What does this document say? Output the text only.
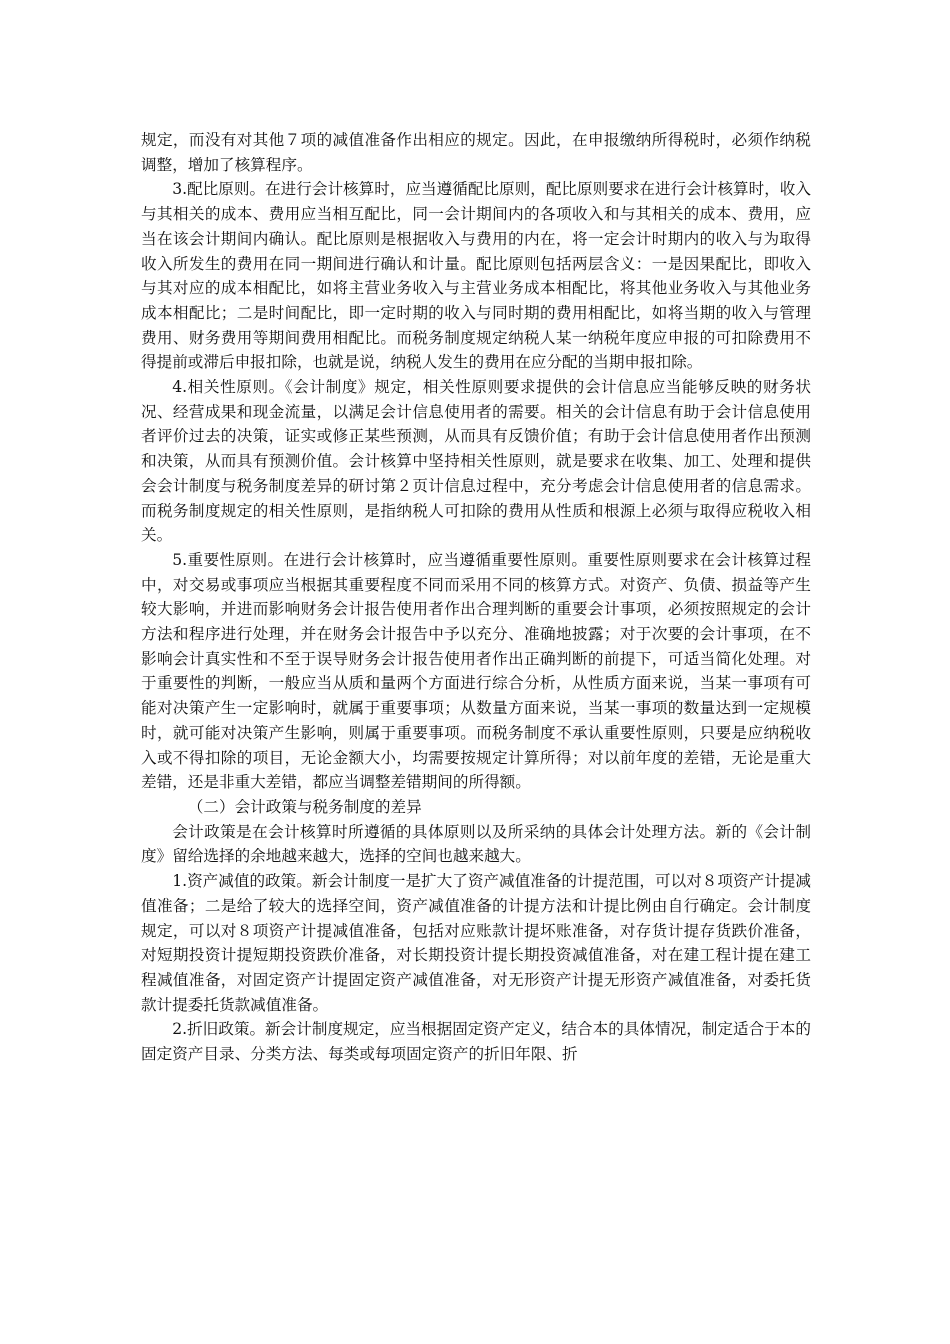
规定，而没有对其他７项的减值准备作出相应的规定。因此，在申报缴纳所得税时，必须作纳税调整，增加了核算程序。

3.配比原则。在进行会计核算时，应当遵循配比原则，配比原则要求在进行会计核算时，收入与其相关的成本、费用应当相互配比，同一会计期间内的各项收入和与其相关的成本、费用，应当在该会计期间内确认。配比原则是根据收入与费用的内在，将一定会计时期内的收入与为取得收入所发生的费用在同一期间进行确认和计量。配比原则包括两层含义：一是因果配比，即收入与其对应的成本相配比，如将主营业务收入与主营业务成本相配比，将其他业务收入与其他业务成本相配比；二是时间配比，即一定时期的收入与同时期的费用相配比，如将当期的收入与管理费用、财务费用等期间费用相配比。而税务制度规定纳税人某一纳税年度应申报的可扣除费用不得提前或滞后申报扣除，也就是说，纳税人发生的费用在应分配的当期申报扣除。

4.相关性原则。《会计制度》规定，相关性原则要求提供的会计信息应当能够反映的财务状况、经营成果和现金流量，以满足会计信息使用者的需要。相关的会计信息有助于会计信息使用者评价过去的决策，证实或修正某些预测，从而具有反馈价值；有助于会计信息使用者作出预测和决策，从而具有预测价值。会计核算中坚持相关性原则，就是要求在收集、加工、处理和提供会会计制度与税务制度差异的研讨第２页计信息过程中，充分考虑会计信息使用者的信息需求。而税务制度规定的相关性原则，是指纳税人可扣除的费用从性质和根源上必须与取得应税收入相关。

5.重要性原则。在进行会计核算时，应当遵循重要性原则。重要性原则要求在会计核算过程中，对交易或事项应当根据其重要程度不同而采用不同的核算方式。对资产、负债、损益等产生较大影响，并进而影响财务会计报告使用者作出合理判断的重要会计事项，必须按照规定的会计方法和程序进行处理，并在财务会计报告中予以充分、准确地披露；对于次要的会计事项，在不影响会计真实性和不至于误导财务会计报告使用者作出正确判断的前提下，可适当简化处理。对于重要性的判断，一般应当从质和量两个方面进行综合分析，从性质方面来说，当某一事项有可能对决策产生一定影响时，就属于重要事项；从数量方面来说，当某一事项的数量达到一定规模时，就可能对决策产生影响，则属于重要事项。而税务制度不承认重要性原则，只要是应纳税收入或不得扣除的项目，无论金额大小，均需要按规定计算所得；对以前年度的差错，无论是重大差错，还是非重大差错，都应当调整差错期间的所得额。

（二）会计政策与税务制度的差异

会计政策是在会计核算时所遵循的具体原则以及所采纳的具体会计处理方法。新的《会计制度》留给选择的余地越来越大，选择的空间也越来越大。

1.资产减值的政策。新会计制度一是扩大了资产减值准备的计提范围，可以对８项资产计提减值准备；二是给了较大的选择空间，资产减值准备的计提方法和计提比例由自行确定。会计制度规定，可以对８项资产计提减值准备，包括对应账款计提坏账准备，对存货计提存货跌价准备，对短期投资计提短期投资跌价准备，对长期投资计提长期投资减值准备，对在建工程计提在建工程减值准备，对固定资产计提固定资产减值准备，对无形资产计提无形资产减值准备，对委托货款计提委托货款减值准备。

2.折旧政策。新会计制度规定，应当根据固定资产定义，结合本的具体情况，制定适合于本的固定资产目录、分类方法、每类或每项固定资产的折旧年限、折
